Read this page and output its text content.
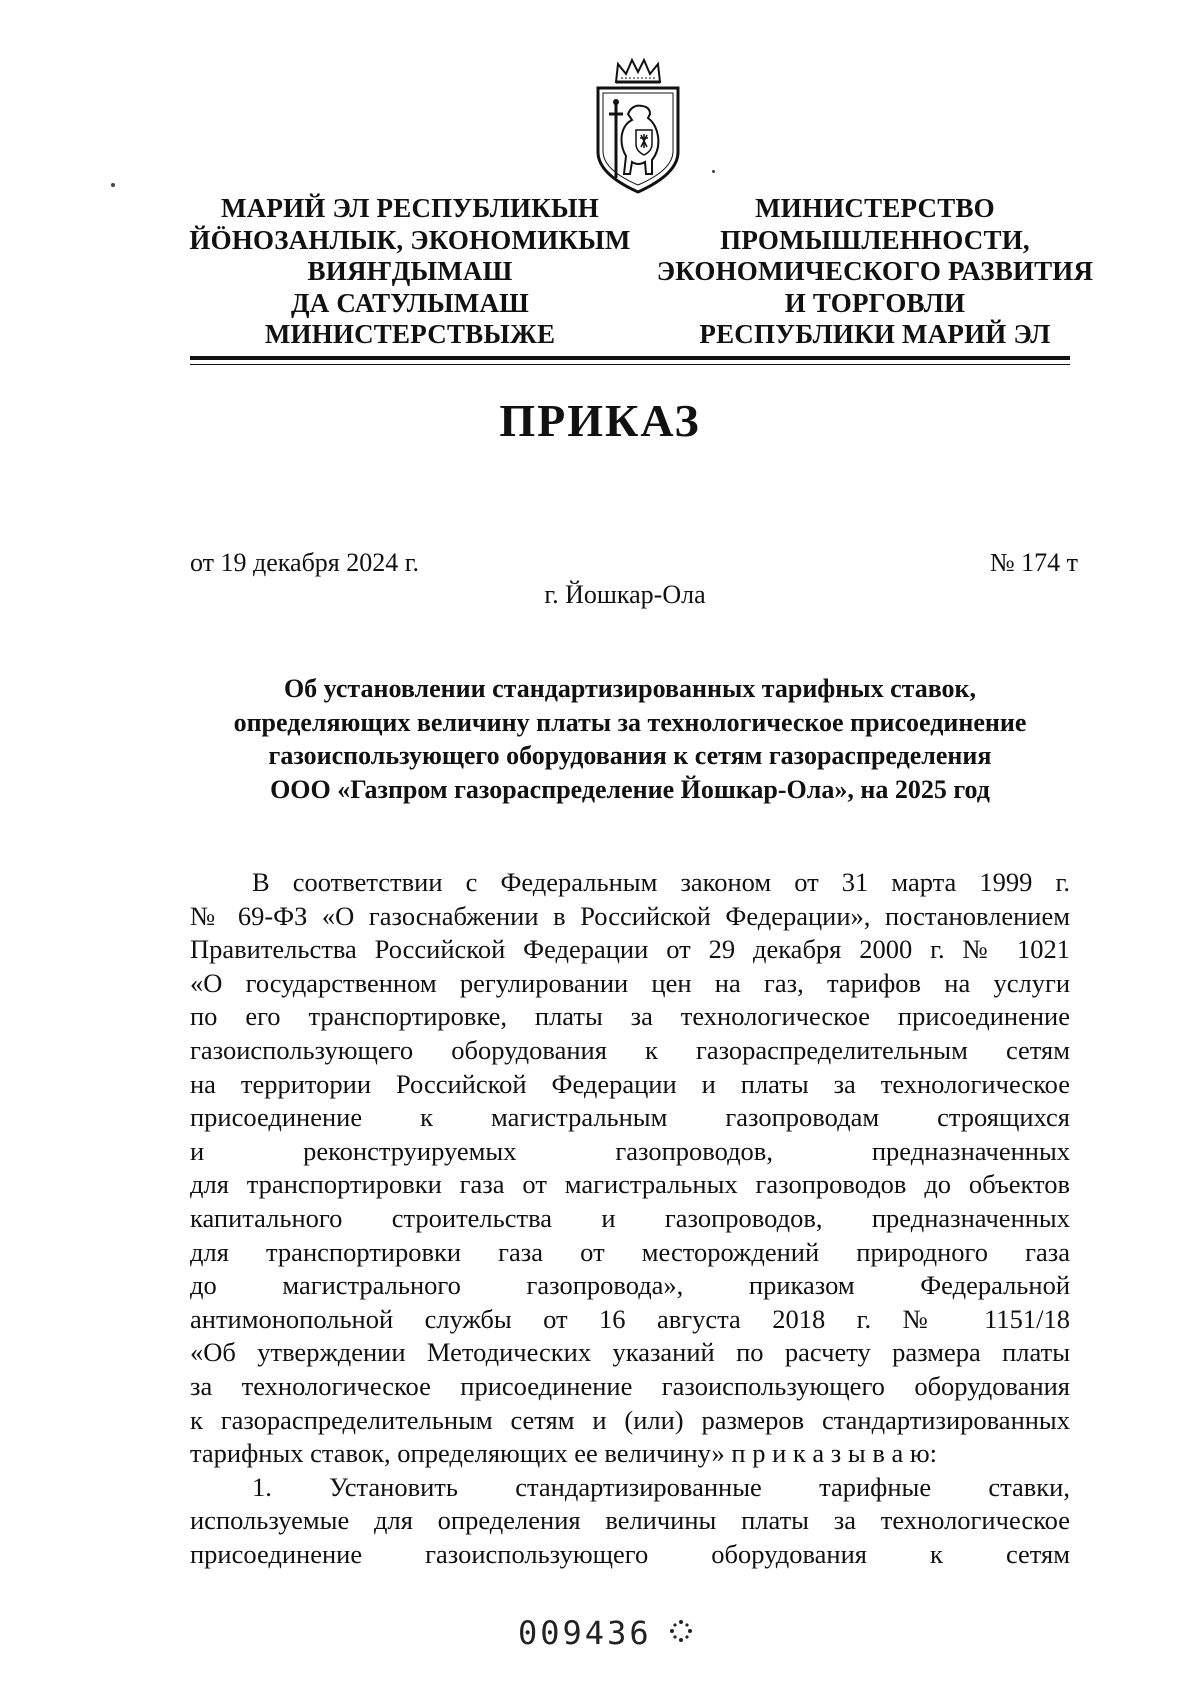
МАРИЙ ЭЛ РЕСПУБЛИКЫН
ЙӦНОЗАНЛЫК, ЭКОНОМИКЫМ
ВИЯҤДЫМАШ
ДА САТУЛЫМАШ
МИНИСТЕРСТВЫЖЕ
МИНИСТЕРСТВО
ПРОМЫШЛЕННОСТИ,
ЭКОНОМИЧЕСКОГО РАЗВИТИЯ
И ТОРГОВЛИ
РЕСПУБЛИКИ МАРИЙ ЭЛ
ПРИКАЗ
от 19 декабря 2024 г.	№ 174 т
г. Йошкар-Ола
Об установлении стандартизированных тарифных ставок,
определяющих величину платы за технологическое присоединение
газоиспользующего оборудования к сетям газораспределения
ООО «Газпром газораспределение Йошкар-Ола», на 2025 год

В соответствии с Федеральным законом от 31 марта 1999 г.

№ 69-ФЗ «О газоснабжении в Российской Федерации», постановлением

Правительства Российской Федерации от 29 декабря 2000 г. № 1021

«О государственном регулировании цен на газ, тарифов на услуги

по его транспортировке, платы за технологическое присоединение

газоиспользующего оборудования к газораспределительным сетям

на территории Российской Федерации и платы за технологическое

присоединение к магистральным газопроводам строящихся

и реконструируемых газопроводов, предназначенных

для транспортировки газа от магистральных газопроводов до объектов

капитального строительства и газопроводов, предназначенных

для транспортировки газа от месторождений природного газа

до магистрального газопровода», приказом Федеральной

антимонопольной службы от 16 августа 2018 г. № 1151/18

«Об утверждении Методических указаний по расчету размера платы

за технологическое присоединение газоиспользующего оборудования

к газораспределительным сетям и (или) размеров стандартизированных

тарифных ставок, определяющих ее величину» п р и к а з ы в а ю:

1. Установить стандартизированные тарифные ставки,

используемые для определения величины платы за технологическое

присоединение газоиспользующего оборудования к сетям

009436
